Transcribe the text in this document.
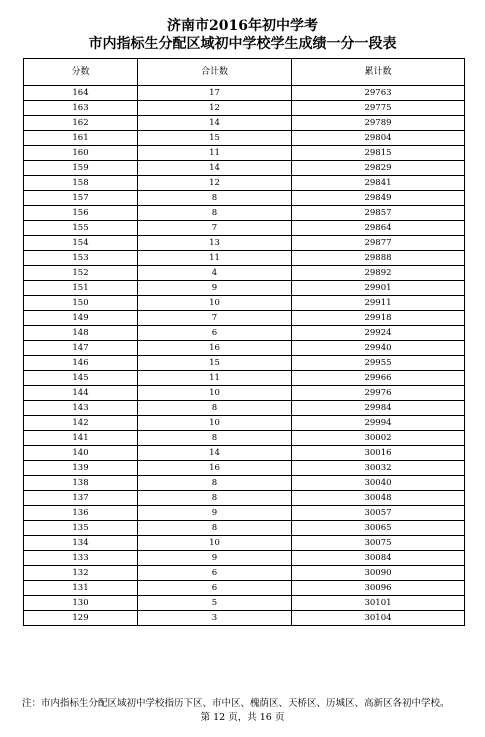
济南市2016年初中学考
市内指标生分配区域初中学校学生成绩一分一段表
分数	合计数	累计数
164	17	29763
163	12	29775
162	14	29789
161	15	29804
160	11	29815
159	14	29829
158	12	29841
157	8	29849
156	8	29857
155	7	29864
154	13	29877
153	11	29888
152	4	29892
151	9	29901
150	10	29911
149	7	29918
148	6	29924
147	16	29940
146	15	29955
145	11	29966
144	10	29976
143	8	29984
142	10	29994
141	8	30002
140	14	30016
139	16	30032
138	8	30040
137	8	30048
136	9	30057
135	8	30065
134	10	30075
133	9	30084
132	6	30090
131	6	30096
130	5	30101
129	3	30104
注：市内指标生分配区域初中学校指历下区、市中区、槐荫区、天桥区、历城区、高新区各初中学校。
第 12 页，共 16 页
